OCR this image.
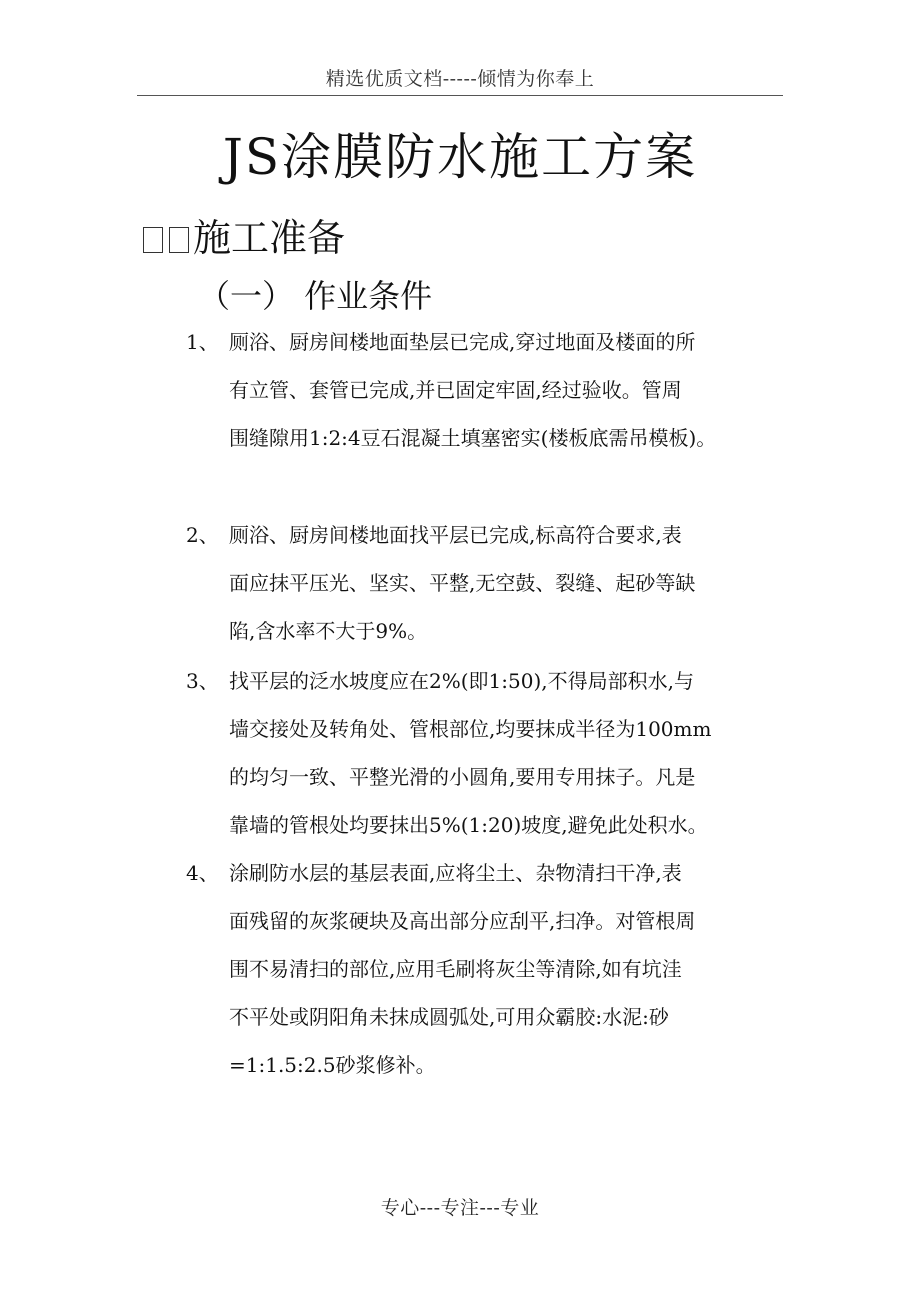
精选优质文档-----倾情为你奉上
JS涂膜防水施工方案
施工准备
（一） 作业条件
1、 厕浴、厨房间楼地面垫层已完成,穿过地面及楼面的所
有立管、套管已完成,并已固定牢固,经过验收。管周
围缝隙用1:2:4豆石混凝土填塞密实(楼板底需吊模板)。
2、 厕浴、厨房间楼地面找平层已完成,标高符合要求,表
面应抹平压光、坚实、平整,无空鼓、裂缝、起砂等缺
陷,含水率不大于9%。
3、 找平层的泛水坡度应在2%(即1:50),不得局部积水,与
墙交接处及转角处、管根部位,均要抹成半径为100mm
的均匀一致、平整光滑的小圆角,要用专用抹子。凡是
靠墙的管根处均要抹出5%(1:20)坡度,避免此处积水。
4、 涂刷防水层的基层表面,应将尘土、杂物清扫干净,表
面残留的灰浆硬块及高出部分应刮平,扫净。对管根周
围不易清扫的部位,应用毛刷将灰尘等清除,如有坑洼
不平处或阴阳角未抹成圆弧处,可用众霸胶:水泥:砂
=1:1.5:2.5砂浆修补。
专心---专注---专业
